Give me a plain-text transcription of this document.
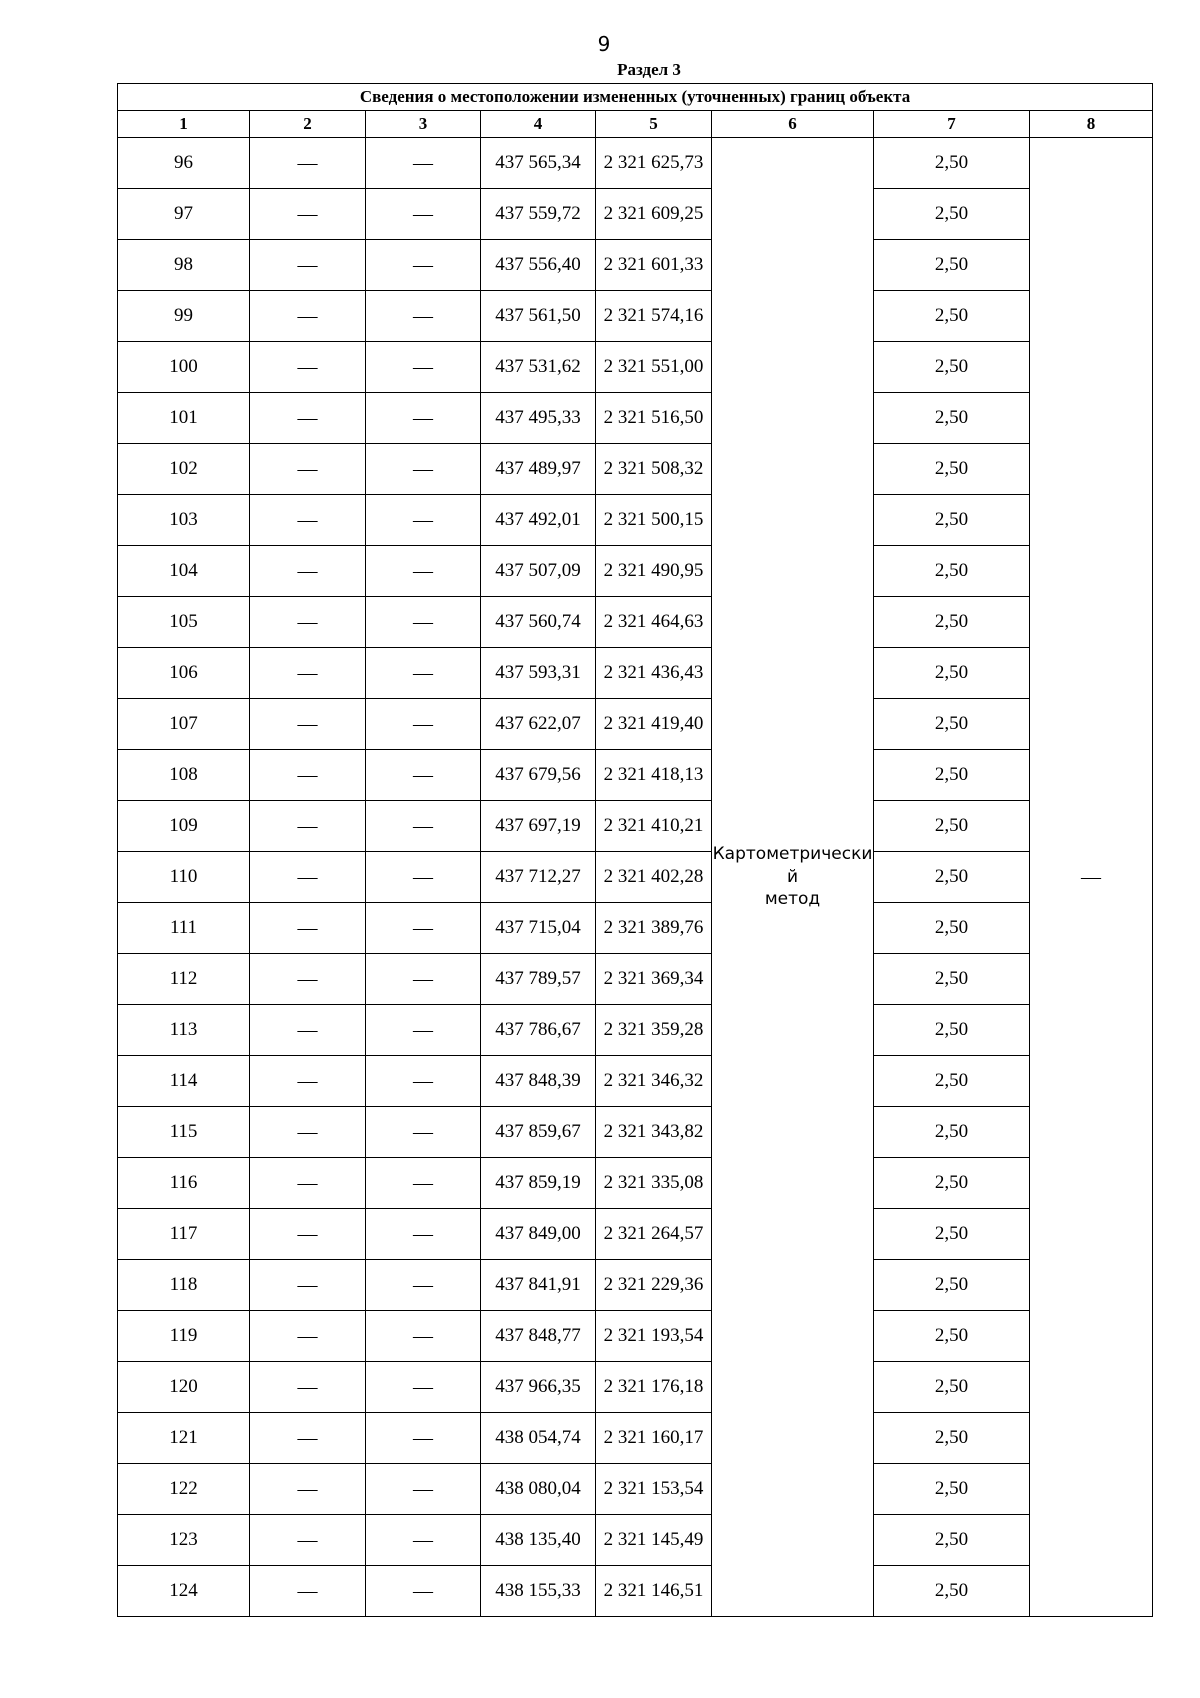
9
Раздел 3
Сведения о местоположении измененных (уточненных) границ объекта							
1	2	3	4	5	6	7	8
96	—	—	437 565,34	2 321 625,73	Картометрически
й
метод	2,50	—
97	—	—	437 559,72	2 321 609,25		2,50	
98	—	—	437 556,40	2 321 601,33		2,50	
99	—	—	437 561,50	2 321 574,16		2,50	
100	—	—	437 531,62	2 321 551,00		2,50	
101	—	—	437 495,33	2 321 516,50		2,50	
102	—	—	437 489,97	2 321 508,32		2,50	
103	—	—	437 492,01	2 321 500,15		2,50	
104	—	—	437 507,09	2 321 490,95		2,50	
105	—	—	437 560,74	2 321 464,63		2,50	
106	—	—	437 593,31	2 321 436,43		2,50	
107	—	—	437 622,07	2 321 419,40		2,50	
108	—	—	437 679,56	2 321 418,13		2,50	
109	—	—	437 697,19	2 321 410,21		2,50	
110	—	—	437 712,27	2 321 402,28		2,50	
111	—	—	437 715,04	2 321 389,76		2,50	
112	—	—	437 789,57	2 321 369,34		2,50	
113	—	—	437 786,67	2 321 359,28		2,50	
114	—	—	437 848,39	2 321 346,32		2,50	
115	—	—	437 859,67	2 321 343,82		2,50	
116	—	—	437 859,19	2 321 335,08		2,50	
117	—	—	437 849,00	2 321 264,57		2,50	
118	—	—	437 841,91	2 321 229,36		2,50	
119	—	—	437 848,77	2 321 193,54		2,50	
120	—	—	437 966,35	2 321 176,18		2,50	
121	—	—	438 054,74	2 321 160,17		2,50	
122	—	—	438 080,04	2 321 153,54		2,50	
123	—	—	438 135,40	2 321 145,49		2,50	
124	—	—	438 155,33	2 321 146,51		2,50	
